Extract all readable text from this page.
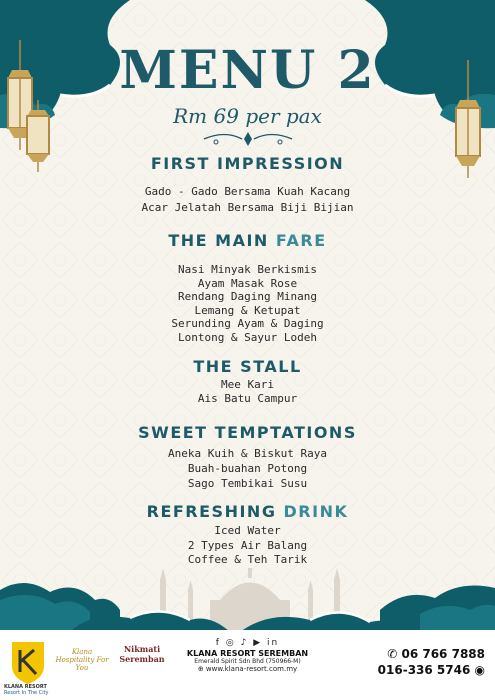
MENU 2
Rm 69 per pax
FIRST IMPRESSION
Gado - Gado Bersama Kuah Kacang
Acar Jelatah Bersama Biji Bijian
THE MAIN FARE
Nasi Minyak Berkismis
Ayam Masak Rose
Rendang Daging Minang
Lemang & Ketupat
Serunding Ayam & Daging
Lontong & Sayur Lodeh
THE STALL
Mee Kari
Ais Batu Campur
SWEET TEMPTATIONS
Aneka Kuih & Biskut Raya
Buah-buahan Potong
Sago Tembikai Susu
REFRESHING DRINK
Iced Water
2 Types Air Balang
Coffee & Teh Tarik
KLANA RESORT
Resort In The City
Klana Hospitality For You
Nikmati Seremban
f ◎ ♪ ▶ in
KLANA RESORT SEREMBAN
Emerald Spirit Sdn Bhd (750966-M)
⊕ www.klana-resort.com.my
✆ 06 766 7888
016-336 5746 ◉
